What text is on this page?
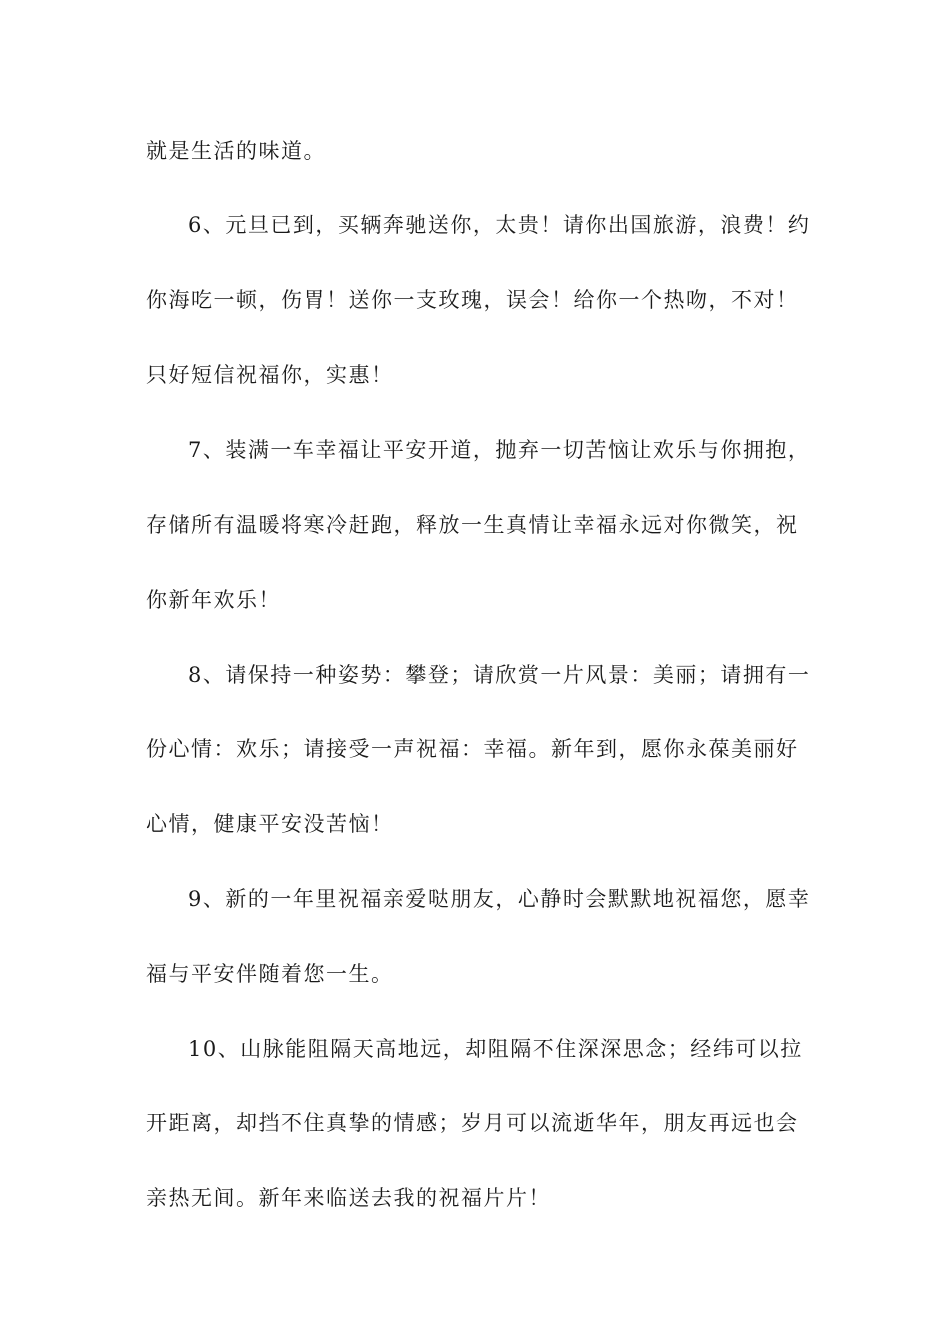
就是生活的味道。
6、元旦已到，买辆奔驰送你，太贵！请你出国旅游，浪费！约
你海吃一顿，伤胃！送你一支玫瑰，误会！给你一个热吻，不对！
只好短信祝福你，实惠！
7、装满一车幸福让平安开道，抛弃一切苦恼让欢乐与你拥抱，
存储所有温暖将寒冷赶跑，释放一生真情让幸福永远对你微笑，祝
你新年欢乐！
8、请保持一种姿势：攀登；请欣赏一片风景：美丽；请拥有一
份心情：欢乐；请接受一声祝福：幸福。新年到，愿你永葆美丽好
心情，健康平安没苦恼！
9、新的一年里祝福亲爱哒朋友，心静时会默默地祝福您，愿幸
福与平安伴随着您一生。
10、山脉能阻隔天高地远，却阻隔不住深深思念；经纬可以拉
开距离，却挡不住真挚的情感；岁月可以流逝华年，朋友再远也会
亲热无间。新年来临送去我的祝福片片！
